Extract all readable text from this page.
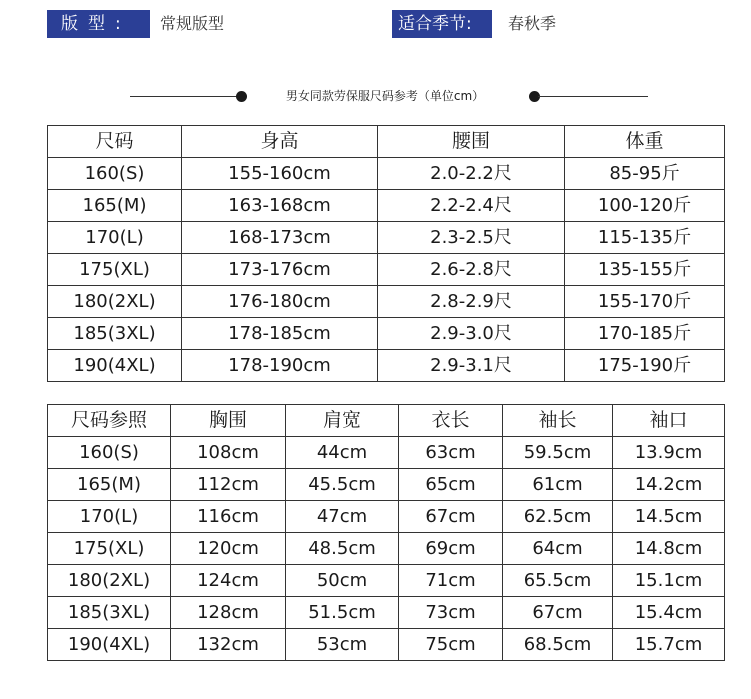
版型:	常规版型	适合季节:	春秋季
男女同款劳保服尺码参考（单位cm）
尺码	身高	腰围	体重
160(S)	155-160cm	2.0-2.2尺	85-95斤
165(M)	163-168cm	2.2-2.4尺	100-120斤
170(L)	168-173cm	2.3-2.5尺	115-135斤
175(XL)	173-176cm	2.6-2.8尺	135-155斤
180(2XL)	176-180cm	2.8-2.9尺	155-170斤
185(3XL)	178-185cm	2.9-3.0尺	170-185斤
190(4XL)	178-190cm	2.9-3.1尺	175-190斤
尺码参照	胸围	肩宽	衣长	袖长	袖口
160(S)	108cm	44cm	63cm	59.5cm	13.9cm
165(M)	112cm	45.5cm	65cm	61cm	14.2cm
170(L)	116cm	47cm	67cm	62.5cm	14.5cm
175(XL)	120cm	48.5cm	69cm	64cm	14.8cm
180(2XL)	124cm	50cm	71cm	65.5cm	15.1cm
185(3XL)	128cm	51.5cm	73cm	67cm	15.4cm
190(4XL)	132cm	53cm	75cm	68.5cm	15.7cm
